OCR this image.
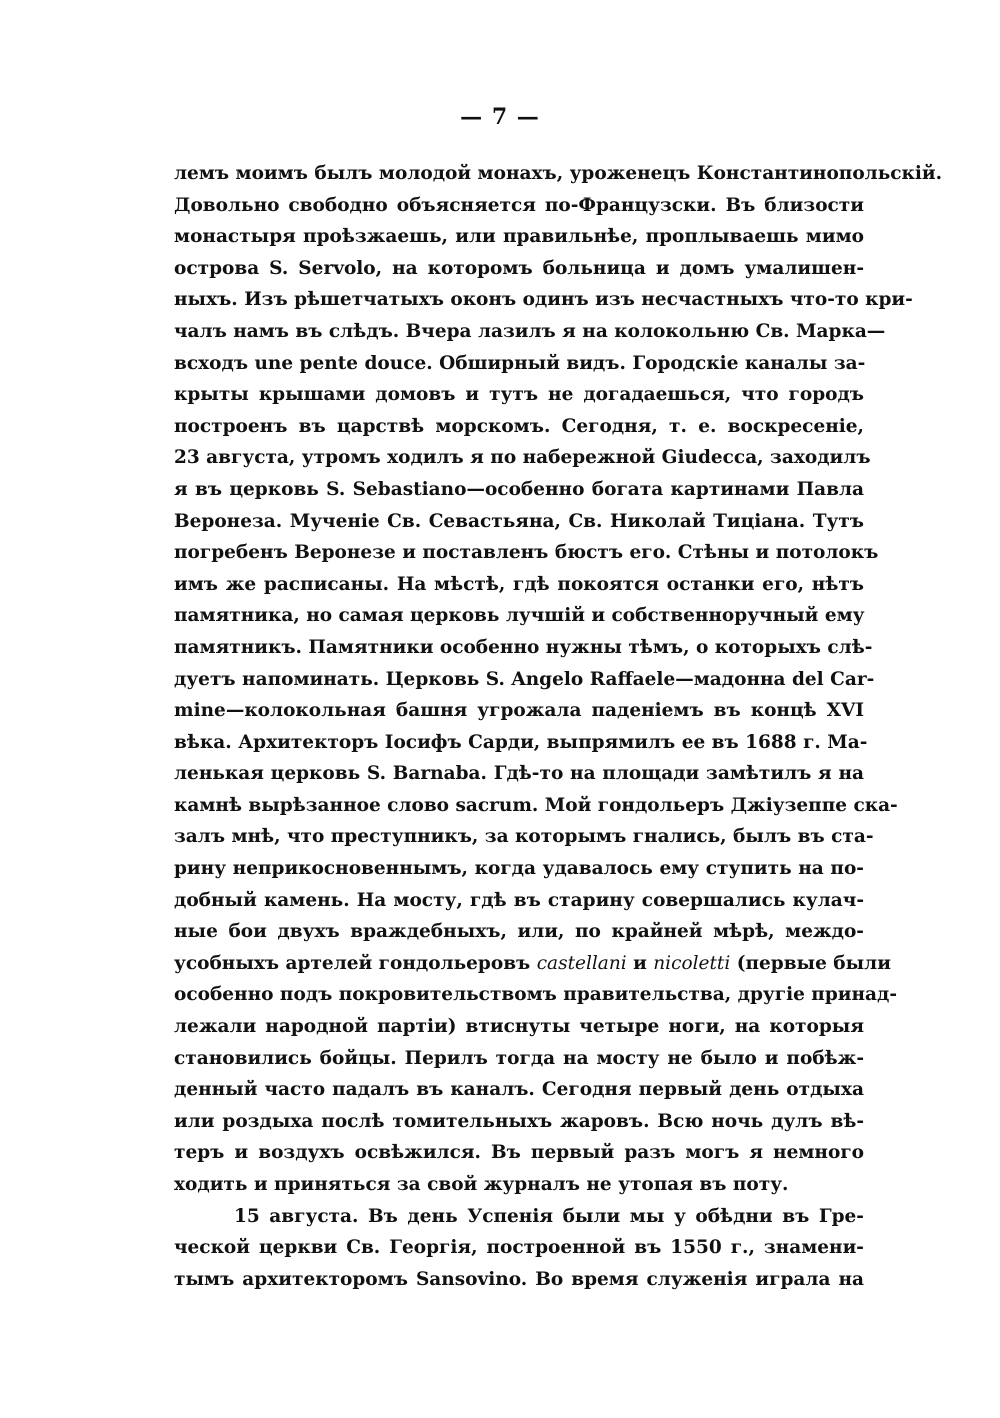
— 7 —
лемъ моимъ былъ молодой монахъ, уроженецъ Константинопольскій.
Довольно свободно объясняется по-Французски. Въ близости
монастыря проѣзжаешь, или правильнѣе, проплываешь мимо
острова S. Servolo, на которомъ больница и домъ умалишен-
ныхъ. Изъ рѣшетчатыхъ оконъ одинъ изъ несчастныхъ что-то кри-
чалъ намъ въ слѣдъ. Вчера лазилъ я на колокольню Св. Марка—
всходъ une pente douce. Обширный видъ. Городскіе каналы за-
крыты крышами домовъ и тутъ не догадаешься, что городъ
построенъ въ царствѣ морскомъ. Сегодня, т. е. воскресеніе,
23 августа, утромъ ходилъ я по набережной Giudecca, заходилъ
я въ церковь S. Sebastiano—особенно богата картинами Павла
Веронеза. Мученіе Св. Севастьяна, Св. Николай Тиціана. Тутъ
погребенъ Веронезе и поставленъ бюстъ его. Стѣны и потолокъ
имъ же расписаны. На мѣстѣ, гдѣ покоятся останки его, нѣтъ
памятника, но самая церковь лучшій и собственноручный ему
памятникъ. Памятники особенно нужны тѣмъ, о которыхъ слѣ-
дуетъ напоминать. Церковь S. Angelo Raffaele—мадонна del Car-
mine—колокольная башня угрожала паденіемъ въ концѣ XVI
вѣка. Архитекторъ Іосифъ Сарди, выпрямилъ ее въ 1688 г. Ма-
ленькая церковь S. Barnaba. Гдѣ-то на площади замѣтилъ я на
камнѣ вырѣзанное слово sacrum. Мой гондольеръ Джіузеппе ска-
залъ мнѣ, что преступникъ, за которымъ гнались, былъ въ ста-
рину неприкосновеннымъ, когда удавалось ему ступить на по-
добный камень. На мосту, гдѣ въ старину совершались кулач-
ные бои двухъ враждебныхъ, или, по крайней мѣрѣ, междо-
усобныхъ артелей гондольеровъ castellani и nicoletti (первые были
особенно подъ покровительствомъ правительства, другіе принад-
лежали народной партіи) втиснуты четыре ноги, на которыя
становились бойцы. Перилъ тогда на мосту не было и побѣж-
денный часто падалъ въ каналъ. Сегодня первый день отдыха
или роздыха послѣ томительныхъ жаровъ. Всю ночь дулъ вѣ-
теръ и воздухъ освѣжился. Въ первый разъ могъ я немного
ходить и приняться за свой журналъ не утопая въ поту.
15 августа. Въ день Успенія были мы у обѣдни въ Гре-
ческой церкви Св. Георгія, построенной въ 1550 г., знамени-
тымъ архитекторомъ Sansovino. Во время служенія играла на
